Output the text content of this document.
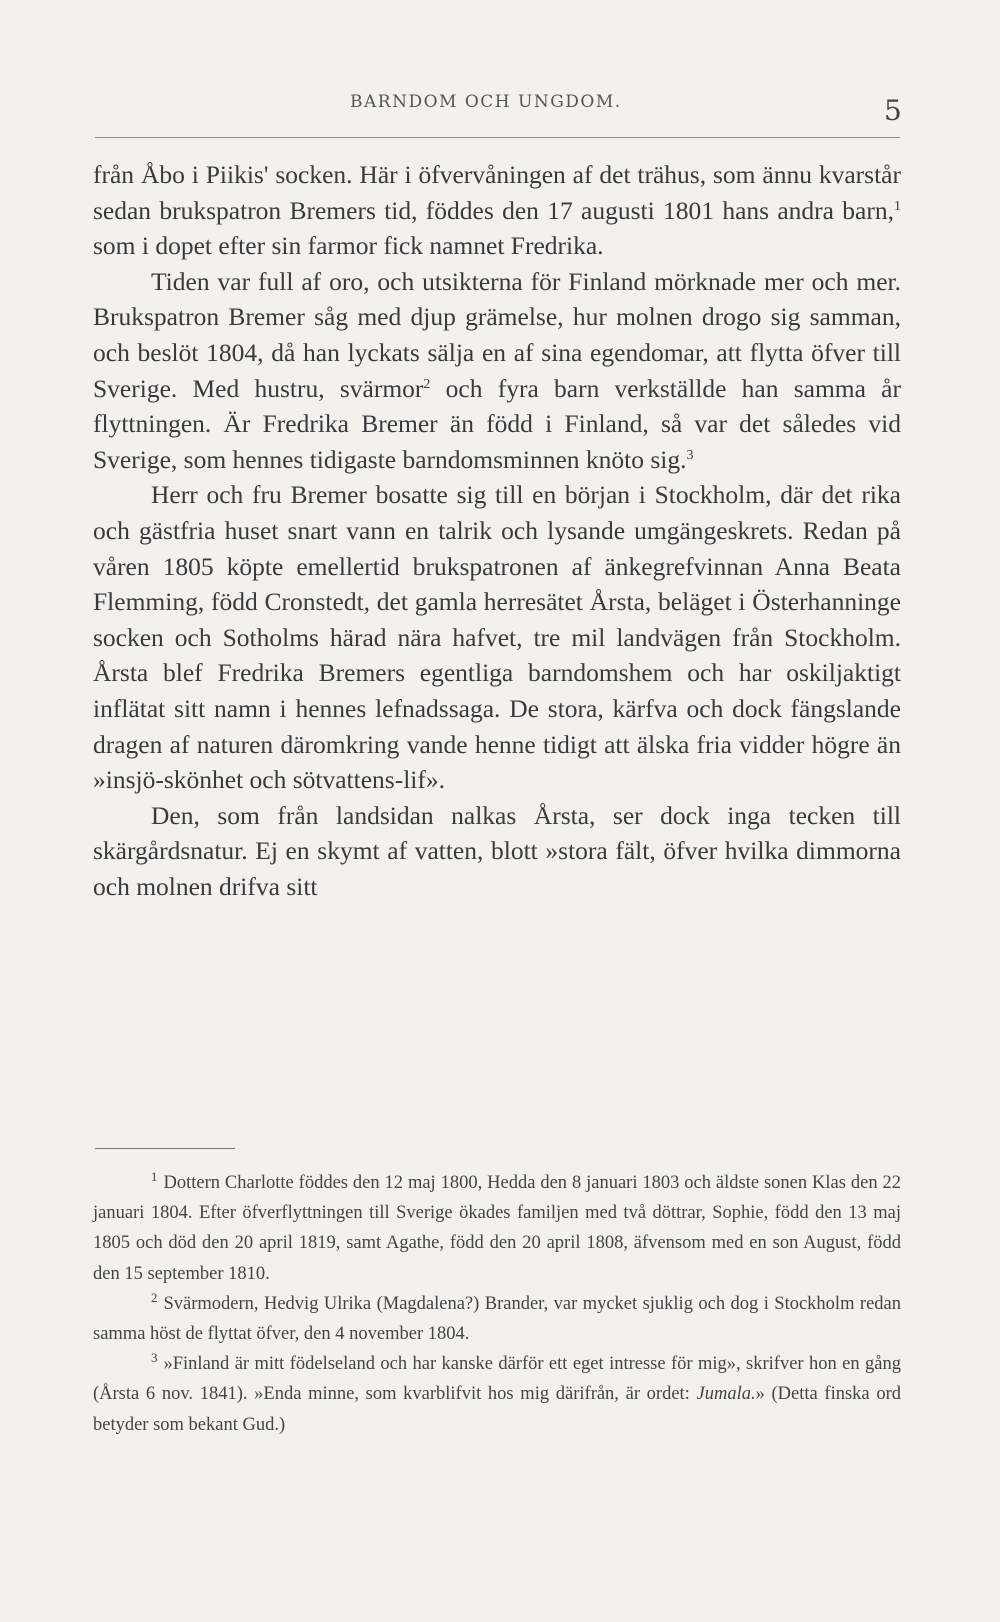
BARNDOM OCH UNGDOM.	5

från Åbo i Piikis' socken. Här i öfvervåningen af det trähus, som ännu kvarstår sedan brukspatron Bremers tid, föddes den 17 augusti 1801 hans andra barn,$^1$ som i dopet efter sin farmor fick namnet Fredrika.

Tiden var full af oro, och utsikterna för Finland mörknade mer och mer. Brukspatron Bremer såg med djup grämelse, hur molnen drogo sig samman, och beslöt 1804, då han lyckats sälja en af sina egendomar, att flytta öfver till Sverige. Med hustru, svärmor$^2$ och fyra barn verkställde han samma år flyttningen. Är Fredrika Bremer än född i Finland, så var det således vid Sverige, som hennes tidigaste barndomsminnen knöto sig.$^3$

Herr och fru Bremer bosatte sig till en början i Stockholm, där det rika och gästfria huset snart vann en talrik och lysande umgängeskrets. Redan på våren 1805 köpte emellertid brukspatronen af änkegrefvinnan Anna Beata Flemming, född Cronstedt, det gamla herresätet Årsta, beläget i Österhanninge socken och Sotholms härad nära hafvet, tre mil landvägen från Stockholm. Årsta blef Fredrika Bremers egentliga barndomshem och har oskiljaktigt inflätat sitt namn i hennes lefnadssaga. De stora, kärfva och dock fängslande dragen af naturen däromkring vande henne tidigt att älska fria vidder högre än »insjö-skönhet och sötvattens-lif».

Den, som från landsidan nalkas Årsta, ser dock inga tecken till skärgårdsnatur. Ej en skymt af vatten, blott »stora fält, öfver hvilka dimmorna och molnen drifva sitt

$^1$ Dottern Charlotte föddes den 12 maj 1800, Hedda den 8 januari 1803 och äldste sonen Klas den 22 januari 1804. Efter öfverflyttningen till Sverige ökades familjen med två döttrar, Sophie, född den 13 maj 1805 och död den 20 april 1819, samt Agathe, född den 20 april 1808, äfvensom med en son August, född den 15 september 1810.

$^2$ Svärmodern, Hedvig Ulrika (Magdalena?) Brander, var mycket sjuklig och dog i Stockholm redan samma höst de flyttat öfver, den 4 november 1804.

$^3$ »Finland är mitt födelseland och har kanske därför ett eget intresse för mig», skrifver hon en gång (Årsta 6 nov. 1841). »Enda minne, som kvarblifvit hos mig därifrån, är ordet: Jumala.» (Detta finska ord betyder som bekant Gud.)
